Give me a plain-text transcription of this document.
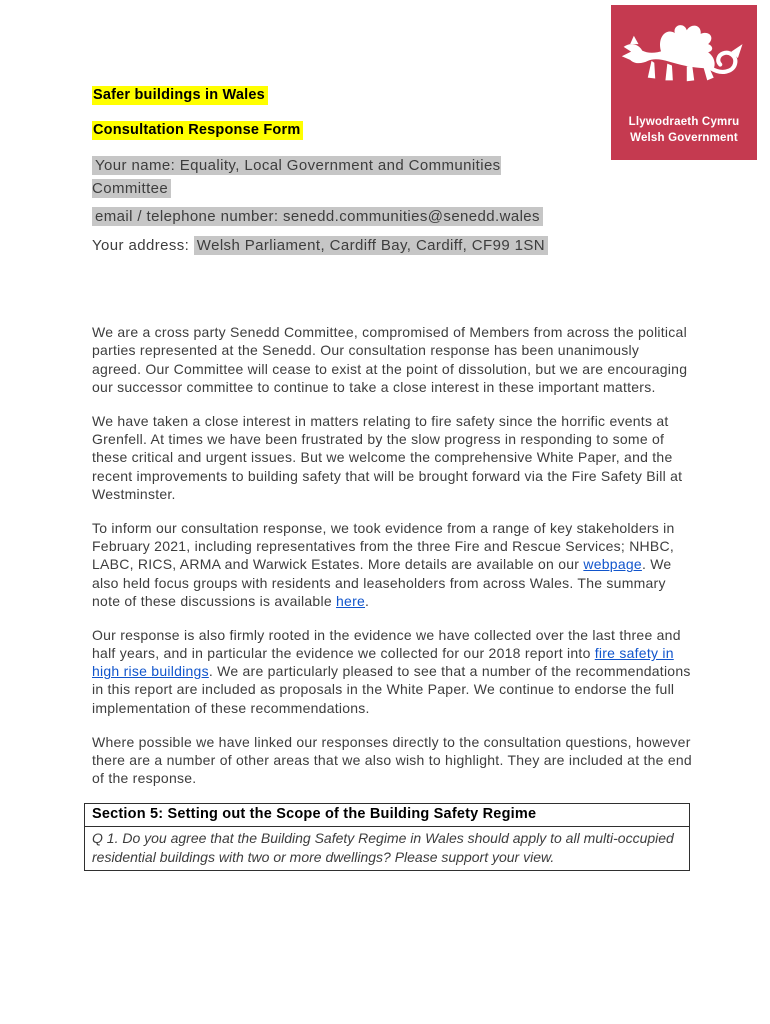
Llywodraeth Cymru
Welsh Government

Safer buildings in Wales

Consultation Response Form

Your name: Equality, Local Government and Communities Committee

email / telephone number: senedd.communities@senedd.wales

Your address: Welsh Parliament, Cardiff Bay, Cardiff, CF99 1SN

We are a cross party Senedd Committee, compromised of Members from across the political parties represented at the Senedd. Our consultation response has been unanimously agreed. Our Committee will cease to exist at the point of dissolution, but we are encouraging our successor committee to continue to take a close interest in these important matters.

We have taken a close interest in matters relating to fire safety since the horrific events at Grenfell. At times we have been frustrated by the slow progress in responding to some of these critical and urgent issues. But we welcome the comprehensive White Paper, and the recent improvements to building safety that will be brought forward via the Fire Safety Bill at Westminster.

To inform our consultation response, we took evidence from a range of key stakeholders in February 2021, including representatives from the three Fire and Rescue Services; NHBC, LABC, RICS, ARMA and Warwick Estates. More details are available on our webpage. We also held focus groups with residents and leaseholders from across Wales. The summary note of these discussions is available here.

Our response is also firmly rooted in the evidence we have collected over the last three and half years, and in particular the evidence we collected for our 2018 report into fire safety in high rise buildings. We are particularly pleased to see that a number of the recommendations in this report are included as proposals in the White Paper. We continue to endorse the full implementation of these recommendations.

Where possible we have linked our responses directly to the consultation questions, however there are a number of other areas that we also wish to highlight. They are included at the end of the response.

Section 5: Setting out the Scope of the Building Safety Regime
Q 1. Do you agree that the Building Safety Regime in Wales should apply to all multi-occupied residential buildings with two or more dwellings? Please support your view.
